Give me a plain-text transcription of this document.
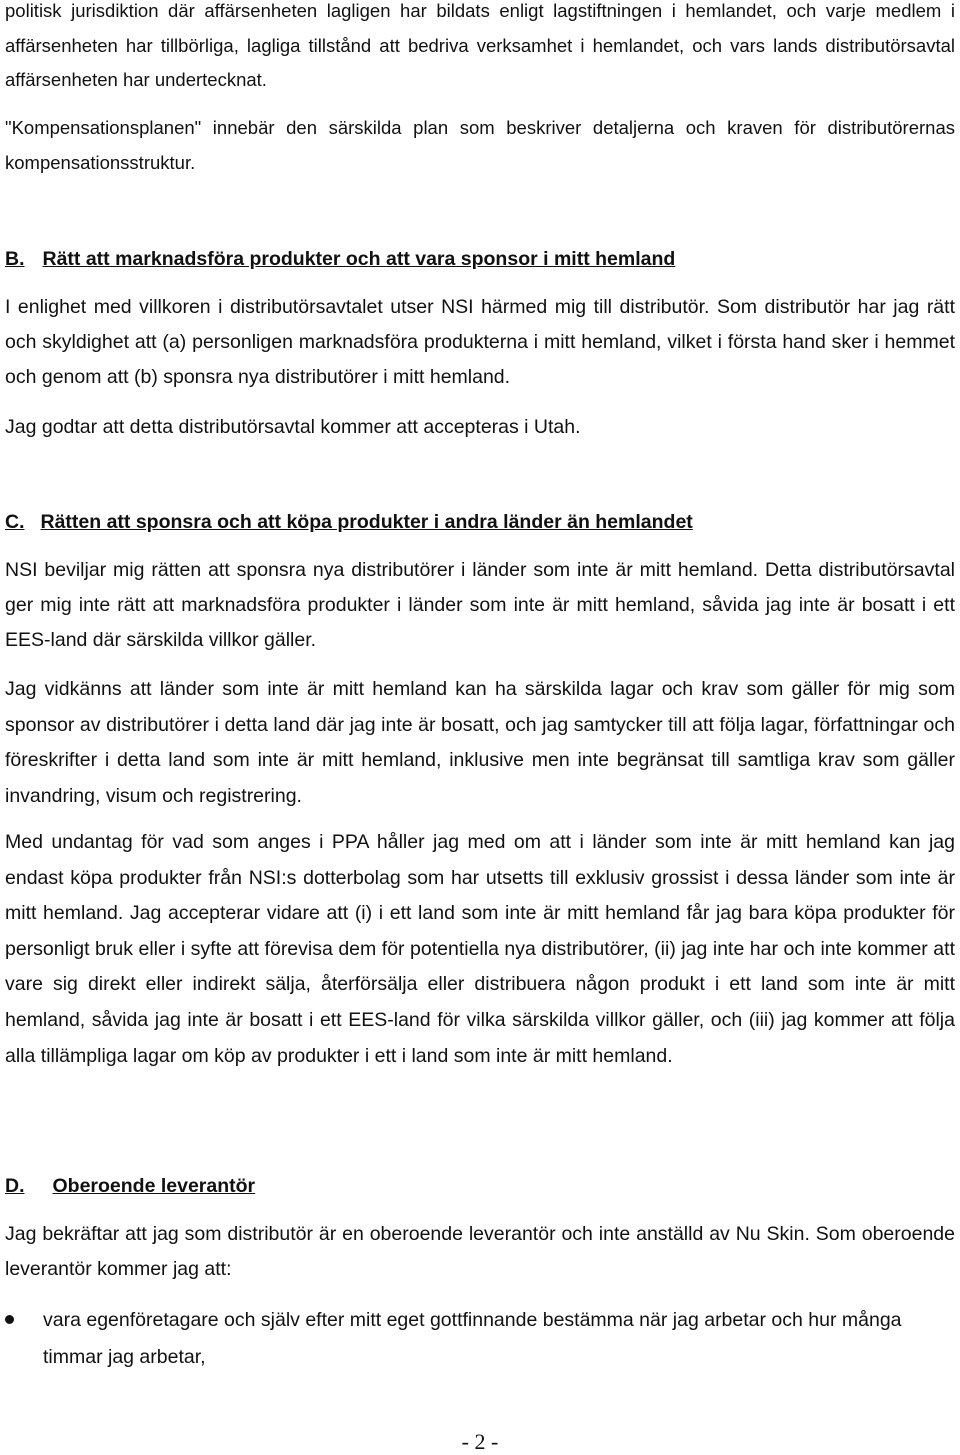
politisk jurisdiktion där affärsenheten lagligen har bildats enligt lagstiftningen i hemlandet, och varje medlem i affärsenheten har tillbörliga, lagliga tillstånd att bedriva verksamhet i hemlandet, och vars lands distributörsavtal affärsenheten har undertecknat.

"Kompensationsplanen" innebär den särskilda plan som beskriver detaljerna och kraven för distributörernas kompensationsstruktur.

B. Rätt att marknadsföra produkter och att vara sponsor i mitt hemland

I enlighet med villkoren i distributörsavtalet utser NSI härmed mig till distributör. Som distributör har jag rätt och skyldighet att (a) personligen marknadsföra produkterna i mitt hemland, vilket i första hand sker i hemmet och genom att (b) sponsra nya distributörer i mitt hemland.

Jag godtar att detta distributörsavtal kommer att accepteras i Utah.

C. Rätten att sponsra och att köpa produkter i andra länder än hemlandet

NSI beviljar mig rätten att sponsra nya distributörer i länder som inte är mitt hemland. Detta distributörsavtal ger mig inte rätt att marknadsföra produkter i länder som inte är mitt hemland, såvida jag inte är bosatt i ett EES-land där särskilda villkor gäller.

Jag vidkänns att länder som inte är mitt hemland kan ha särskilda lagar och krav som gäller för mig som sponsor av distributörer i detta land där jag inte är bosatt, och jag samtycker till att följa lagar, författningar och föreskrifter i detta land som inte är mitt hemland, inklusive men inte begränsat till samtliga krav som gäller invandring, visum och registrering.

Med undantag för vad som anges i PPA håller jag med om att i länder som inte är mitt hemland kan jag endast köpa produkter från NSI:s dotterbolag som har utsetts till exklusiv grossist i dessa länder som inte är mitt hemland. Jag accepterar vidare att (i) i ett land som inte är mitt hemland får jag bara köpa produkter för personligt bruk eller i syfte att förevisa dem för potentiella nya distributörer, (ii) jag inte har och inte kommer att vare sig direkt eller indirekt sälja, återförsälja eller distribuera någon produkt i ett land som inte är mitt hemland, såvida jag inte är bosatt i ett EES-land för vilka särskilda villkor gäller, och (iii) jag kommer att följa alla tillämpliga lagar om köp av produkter i ett i land som inte är mitt hemland.

D. Oberoende leverantör

Jag bekräftar att jag som distributör är en oberoende leverantör och inte anställd av Nu Skin. Som oberoende leverantör kommer jag att:

vara egenföretagare och själv efter mitt eget gottfinnande bestämma när jag arbetar och hur många timmar jag arbetar,

- 2 -
